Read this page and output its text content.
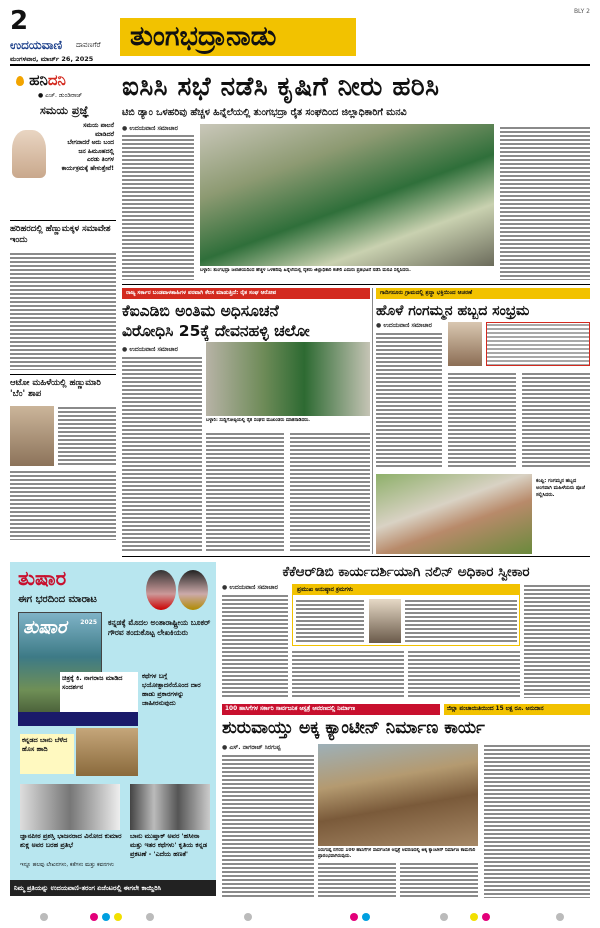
2
ಉದಯವಾಣಿ ದಾವಣಗೆರೆ
ಮಂಗಳವಾರ, ಮಾರ್ಚ್ 26, 2025
ತುಂಗಭದ್ರಾನಾಡು
BLY 2
ಹನಿದನಿ
● ಎಚ್. ಡುಂಡಿರಾಜ್
ಸಮಯ ಪ್ರಜ್ಞೆ
ಸಮಯ ಪಾಲನೆ
ಮಾಡಿದರೆ
ಬೇಗನಾದರೆ ಅದು ಬಂದ
ಜನ ಹಿಮೂಹದಲ್ಲಿ
ಎರಡು ತಿಂಗಳ
ಕಾರ್ಯಕ್ರಮಕ್ಕೆ ಹೇಳುತ್ತೇವೆ!
ಹರಿಹರದಲ್ಲಿ ಹೆಣ್ಣುಮಕ್ಕಳ ಸಮಾವೇಶ ಇಂದು
ಆಟೋ ಮಹಿಳೆಯಲ್ಲಿ ಹಣ್ಣುಮಾರಿ 'ಬೆಂ' ಶಾಪ
ಐಸಿಸಿ ಸಭೆ ನಡೆಸಿ ಕೃಷಿಗೆ ನೀರು ಹರಿಸಿ
ಟಿಬಿ ಡ್ಯಾಂ ಒಳಹರಿವು ಹೆಚ್ಚಳ ಹಿನ್ನೆಲೆಯಲ್ಲಿ ತುಂಗಭದ್ರಾ ರೈತ ಸಂಘದಿಂದ ಜಿಲ್ಲಾಧಿಕಾರಿಗೆ ಮನವಿ
● ಉದಯವಾಣಿ ಸಮಾಚಾರ
ಬಳ್ಳಾರಿ: ತುಂಗಭದ್ರಾ ಜಲಾಶಯದಿಂದ ಹೆಚ್ಚಳ ಒಳಹರಿವು ಹಿನ್ನೆಲೆಯಲ್ಲಿ ರೈತರು ಜಿಲ್ಲಾಧಿಕಾರಿ ಕಚೇರಿ ಎದುರು ಪ್ರತಿಭಟನೆ ನಡೆಸಿ ಮನವಿ ಸಲ್ಲಿಸಿದರು.
ರಾಜ್ಯ ಸರ್ಕಾರ ಬಂಡವಾಳಶಾಹಿಗಳ ಪರವಾಗಿ ಕೆಲಸ ಮಾಡುತ್ತಿದೆ: ರೈತ ಸಂಘ ಆರೋಪ
ಕೆಐಎಡಿಬಿ ಅಂತಿಮ ಅಧಿಸೂಚನೆ
ವಿರೋಧಿಸಿ 25ಕ್ಕೆ ದೇವನಹಳ್ಳಿ ಚಲೋ
● ಉದಯವಾಣಿ ಸಮಾಚಾರ
ಬಳ್ಳಾರಿ: ಸುದ್ದಿಗೋಷ್ಠಿಯಲ್ಲಿ ರೈತ ಸಂಘದ ಮುಖಂಡರು ಮಾತನಾಡಿದರು.
ಗಾದಿಗನೂರು ಗ್ರಾಮದಲ್ಲಿ ಶ್ರದ್ಧಾ ಭಕ್ತಿಯಿಂದ ಆಚರಣೆ
ಹೊಳೆ ಗಂಗಮ್ಮನ ಹಬ್ಬದ ಸಂಭ್ರಮ
● ಉದಯವಾಣಿ ಸಮಾಚಾರ
ಕಂಪ್ಲಿ: ಗಂಗಮ್ಮನ ಹಬ್ಬದ ಅಂಗವಾಗಿ ಮಹಿಳೆಯರು ಪೂಜೆ ಸಲ್ಲಿಸಿದರು.
ತುಷಾರ
ಈಗ ಭರದಿಂದ ಮಾರಾಟ
ತುಷಾರ	2025 ಕನ್ನಡಕ್ಕೆ ಮೊದಲ ಅಂತಾರಾಷ್ಟ್ರೀಯ ಬೂಕರ್ ಗೌರವ ತಂದುಕೊಟ್ಟ ಲೇಖಕಿಯರು
ಚಿತ್ರಕ್ಕೆ ಕಿ. ನಾಗರಾಜ ಮಾಡಿದ ಸಂದರ್ಶನ
ಕಥೆಗಳ ಬಗ್ಗೆ ಭಯೋತ್ಪಾದನೆಯೊಂದ ದಾರ ಹಾಡು ಪ್ರಕಾರಗಳನ್ನು ಜಾಹೀರನುವುದು
ಕನ್ನಡದ ಬಾನು ಬೆಳೆದ ಹೊಸ ಹಾದಿ
ಜ್ಞಾನಪೀಠ ಪ್ರಶಸ್ತಿ ಭಾಜನರಾದ ವಿನೋದ ಕುಮಾರ ಶುಕ್ಲ ಅವರ ಬರಹ ಪ್ರತಿಭೆ
ಬಾನು ಮುಷ್ತಾಕ್ ಅವರ 'ಹಸೀನಾ ಮತ್ತು ಇತರ ಕಥೆಗಳು' ಕೃತಿಯ ಕನ್ನಡ ಪ್ರಕಟಣೆ - 'ಎದೆಯ ಹಣತೆ'
ಇನ್ನೂ ಹಲವು ಲೇಖನಗಳು, ಕತೆಗಳು ಮತ್ತು ಕವನಗಳು
ನಿಮ್ಮ ಪ್ರತಿಯನ್ನು ಉದಯವಾಣಿ-ತರಂಗ ಏಜೆಂಟರಲ್ಲಿ ಈಗಲೇ ಕಾಯ್ದಿರಿಸಿ
ಕೆಕೆಆರ್‌ಡಿಬಿ ಕಾರ್ಯದರ್ಶಿಯಾಗಿ ನಲಿನ್ ಅಧಿಕಾರ ಸ್ವೀಕಾರ
● ಉದಯವಾಣಿ ಸಮಾಚಾರ	ಪ್ರಮುಖ ಅನುಷ್ಠಾನ ಕ್ರಮಗಳು
100 ಹಾಸಿಗೆಗಳ ಸರ್ಕಾರಿ ಸಾರ್ವಜನಿಕ ಆಸ್ಪತ್ರೆ ಆವರಣದಲ್ಲಿ ನಿರ್ಮಾಣ	ಜಿಲ್ಲಾ ಪಂಚಾಯಿತಿಯಿಂದ 15 ಲಕ್ಷ ರೂ. ಅನುದಾನ
ಶುರುವಾಯ್ತು ಅಕ್ಕ ಕ್ಯಾಂಟೀನ್ ನಿರ್ಮಾಣ ಕಾರ್ಯ
● ಎಸ್. ನಾಗರಾಜ್ ಸಿರಗುಪ್ಪ
ಸಿರುಗುಪ್ಪ ನಗರದ 100 ಹಾಸಿಗೆಗಳ ಸಾರ್ವಜನಿಕ ಆಸ್ಪತ್ರೆ ಆವರಣದಲ್ಲಿ ಅಕ್ಕ ಕ್ಯಾಂಟೀನ್ ನಿರ್ಮಾಣ ಕಾಮಗಾರಿ ಪ್ರಾರಂಭವಾಗಿರುವುದು.
